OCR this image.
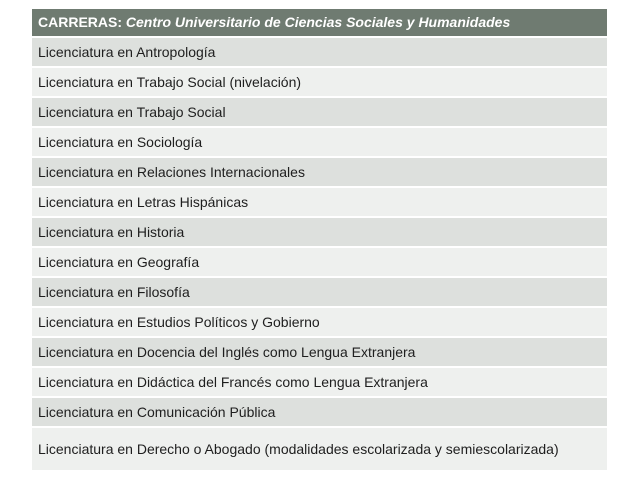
CARRERAS: Centro Universitario de Ciencias Sociales y Humanidades
Licenciatura en Antropología
Licenciatura en Trabajo Social (nivelación)
Licenciatura en Trabajo Social
Licenciatura en Sociología
Licenciatura en Relaciones Internacionales
Licenciatura en Letras Hispánicas
Licenciatura en Historia
Licenciatura en Geografía
Licenciatura en Filosofía
Licenciatura en Estudios Políticos y Gobierno
Licenciatura en Docencia del Inglés como Lengua Extranjera
Licenciatura en Didáctica del Francés como Lengua Extranjera
Licenciatura en Comunicación Pública
Licenciatura en Derecho o Abogado (modalidades escolarizada y semiescolarizada)
